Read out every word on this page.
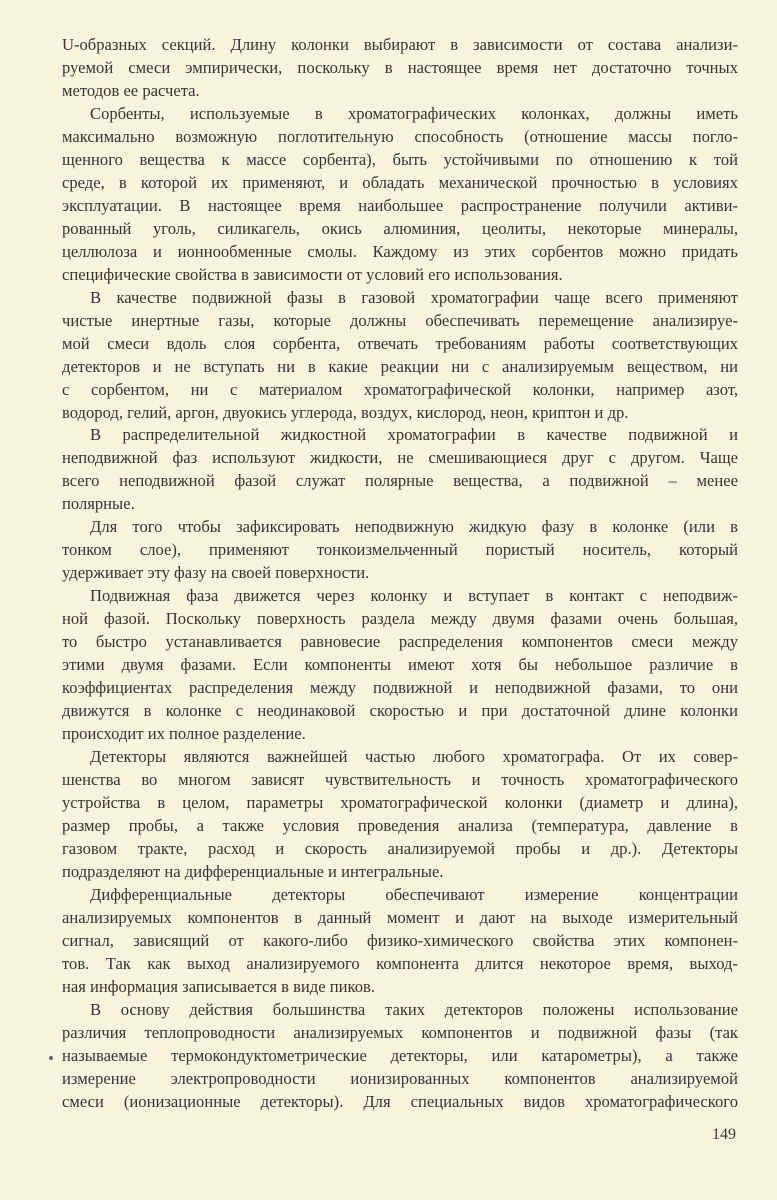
U-образных секций. Длину колонки выбирают в зависимости от состава анализи-
руемой смеси эмпирически, поскольку в настоящее время нет достаточно точных
методов ее расчета.
Сорбенты, используемые в хроматографических колонках, должны иметь
максимально возможную поглотительную способность (отношение массы погло-
щенного вещества к массе сорбента), быть устойчивыми по отношению к той
среде, в которой их применяют, и обладать механической прочностью в условиях
эксплуатации. В настоящее время наибольшее распространение получили активи-
рованный уголь, силикагель, окись алюминия, цеолиты, некоторые минералы,
целлюлоза и ионнообменные смолы. Каждому из этих сорбентов можно придать
специфические свойства в зависимости от условий его использования.
В качестве подвижной фазы в газовой хроматографии чаще всего применяют
чистые инертные газы, которые должны обеспечивать перемещение анализируе-
мой смеси вдоль слоя сорбента, отвечать требованиям работы соответствующих
детекторов и не вступать ни в какие реакции ни с анализируемым веществом, ни
с сорбентом, ни с материалом хроматографической колонки, например азот,
водород, гелий, аргон, двуокись углерода, воздух, кислород, неон, криптон и др.
В распределительной жидкостной хроматографии в качестве подвижной и
неподвижной фаз используют жидкости, не смешивающиеся друг с другом. Чаще
всего неподвижной фазой служат полярные вещества, а подвижной – менее
полярные.
Для того чтобы зафиксировать неподвижную жидкую фазу в колонке (или в
тонком слое), применяют тонкоизмельченный пористый носитель, который
удерживает эту фазу на своей поверхности.
Подвижная фаза движется через колонку и вступает в контакт с неподвиж-
ной фазой. Поскольку поверхность раздела между двумя фазами очень большая,
то быстро устанавливается равновесие распределения компонентов смеси между
этими двумя фазами. Если компоненты имеют хотя бы небольшое различие в
коэффициентах распределения между подвижной и неподвижной фазами, то они
движутся в колонке с неодинаковой скоростью и при достаточной длине колонки
происходит их полное разделение.
Детекторы являются важнейшей частью любого хроматографа. От их совер-
шенства во многом зависят чувствительность и точность хроматографического
устройства в целом, параметры хроматографической колонки (диаметр и длина),
размер пробы, а также условия проведения анализа (температура, давление в
газовом тракте, расход и скорость анализируемой пробы и др.). Детекторы
подразделяют на дифференциальные и интегральные.
Дифференциальные детекторы обеспечивают измерение концентрации
анализируемых компонентов в данный момент и дают на выходе измерительный
сигнал, зависящий от какого-либо физико-химического свойства этих компонен-
тов. Так как выход анализируемого компонента длится некоторое время, выход-
ная информация записывается в виде пиков.
В основу действия большинства таких детекторов положены использование
различия теплопроводности анализируемых компонентов и подвижной фазы (так
называемые термокондуктометрические детекторы, или катарометры), а также
измерение электропроводности ионизированных компонентов анализируемой
смеси (ионизационные детекторы). Для специальных видов хроматографического
149
